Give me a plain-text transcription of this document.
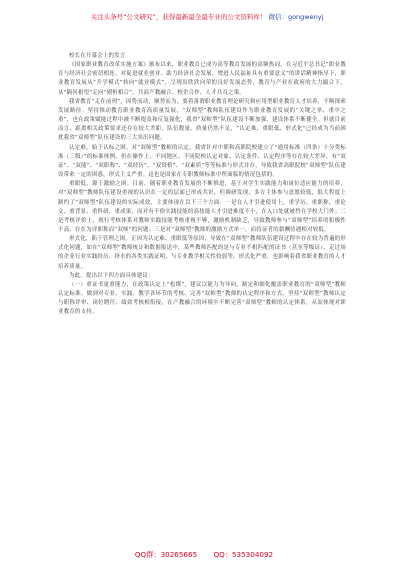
关注头条号“公文研究”，获得最新最全最专业的公文资料库！ 微信：gongwenyj

校长在开幕会上的发言

《国家职业教育改革实施方案》颁布以来，职业教育已成为高等教育发展的高频热词，在习近平总书记“职业教育与经济社会密切相连、对促进就业创业、助力经济社会发展、增进人民福祉具有重要意义”的讲话精神指导下，职业教育发展从“升学模式”转向“就业模式”，呈现出欣欣向荣的良好发展态势，教育与产业在政府的大力撮合下，从“隔河相望”走向“剔析相合”，共商产教融合、校企合作、人才共育之策。

我省教育“走在前列”，因势而动，顺势而为，要着落谓职业教育理论研究和应用型职业教育人才培养，不断探索发展路径。坚持推动教育职业教育高质量发展，“双师型”教师队伍建设作为职业教育发展的“关键之举、重中之重”，也在政策赋能过程中被不断提及和反复强化，我省“双师型”队伍建设不断加强，建设体系不断健全。但就目前而言，距离相关政策要求还存在较大差距，队伍数量、质量仍然不足，“认定难、重眼低、形式化”已经成为当前困扰我省“双师型”队伍建设的三大突出问题。

认定难，始于认标之困。对“双师型”教师的认定，我省针对中职和高职院校建立了“通用标准（四条）十分类标准（三级）”的标准体例，但在操作上，不同地区、不同院校认定对象、认定条件、认定程序等存在较大差异，有“双证”、“双能”、“双职称”、“双经历”、“双资格”、“双素质”等等标准与形式并存，导致我省高职院校“双师型”队伍建设带来一定的困惑，形式主义严重。这也是国家在专职教师标准中所面临的情况包括的。

重眼低，源于激励之困。目前，随着职业教育发展的不断推进，基于对学生实践能力和岗位适应能力的培养，对“双师型”教师队伍建设重视的认识在一定的层面已形成共识，但调研发现，多方主体参与意愿较低，很大程度上制约了“双师型”队伍建设的实际成效，主要体现在以下三个方面：一是在人才引进使用上，重学历、重职称、重论文、重背景、重科研，重成果，而对有不俗实践技能的高技能人才引进难度不小，在入口处就被挡在学校大门外；二是考核评价上，现行考核体系对教师实践技能考核重视不够，激励机制缺乏，导致教师参与“双师型”培养的积极性不高，存在为评职称而“双师”的问题；三是对“双师型”教师的激励方式单一，而持证者的薪酬待遇相对较低。

形式化，陷于管理之困。正因为认定难、重眼低等原因，导致在“双师型”教师队伍建设过程中存在较为普遍的形式化问题，如在“双师型”教师统计和数据报送中，某些教师匹配的是与专业不相匹配的证书（甚至等级证），走过场的企业行业实践经历，挤水的各类实践证明，与专业教学相关性较弱等，形式化严重，也影响着我省职业教育的人才培养质量。

为此，提出以下四方面具体建议：

（一）重证书更重能力，在政策认定上“松绑”，建议以能力为导向，制定和细化覆盖职业教育的“双师型”教师认定标准。做到对专业、实践、教学各环节的考核、完善“双师型”教师的认定程序和方式，坚持“双师型”教师认定与职称评审、岗位聘任、绩效考核相衔接，在产教融合的环境中不断完善“双师型”教师的认定体系，从而体现对职业教育的支持。

QQ群：30265665 QQ：535304092
